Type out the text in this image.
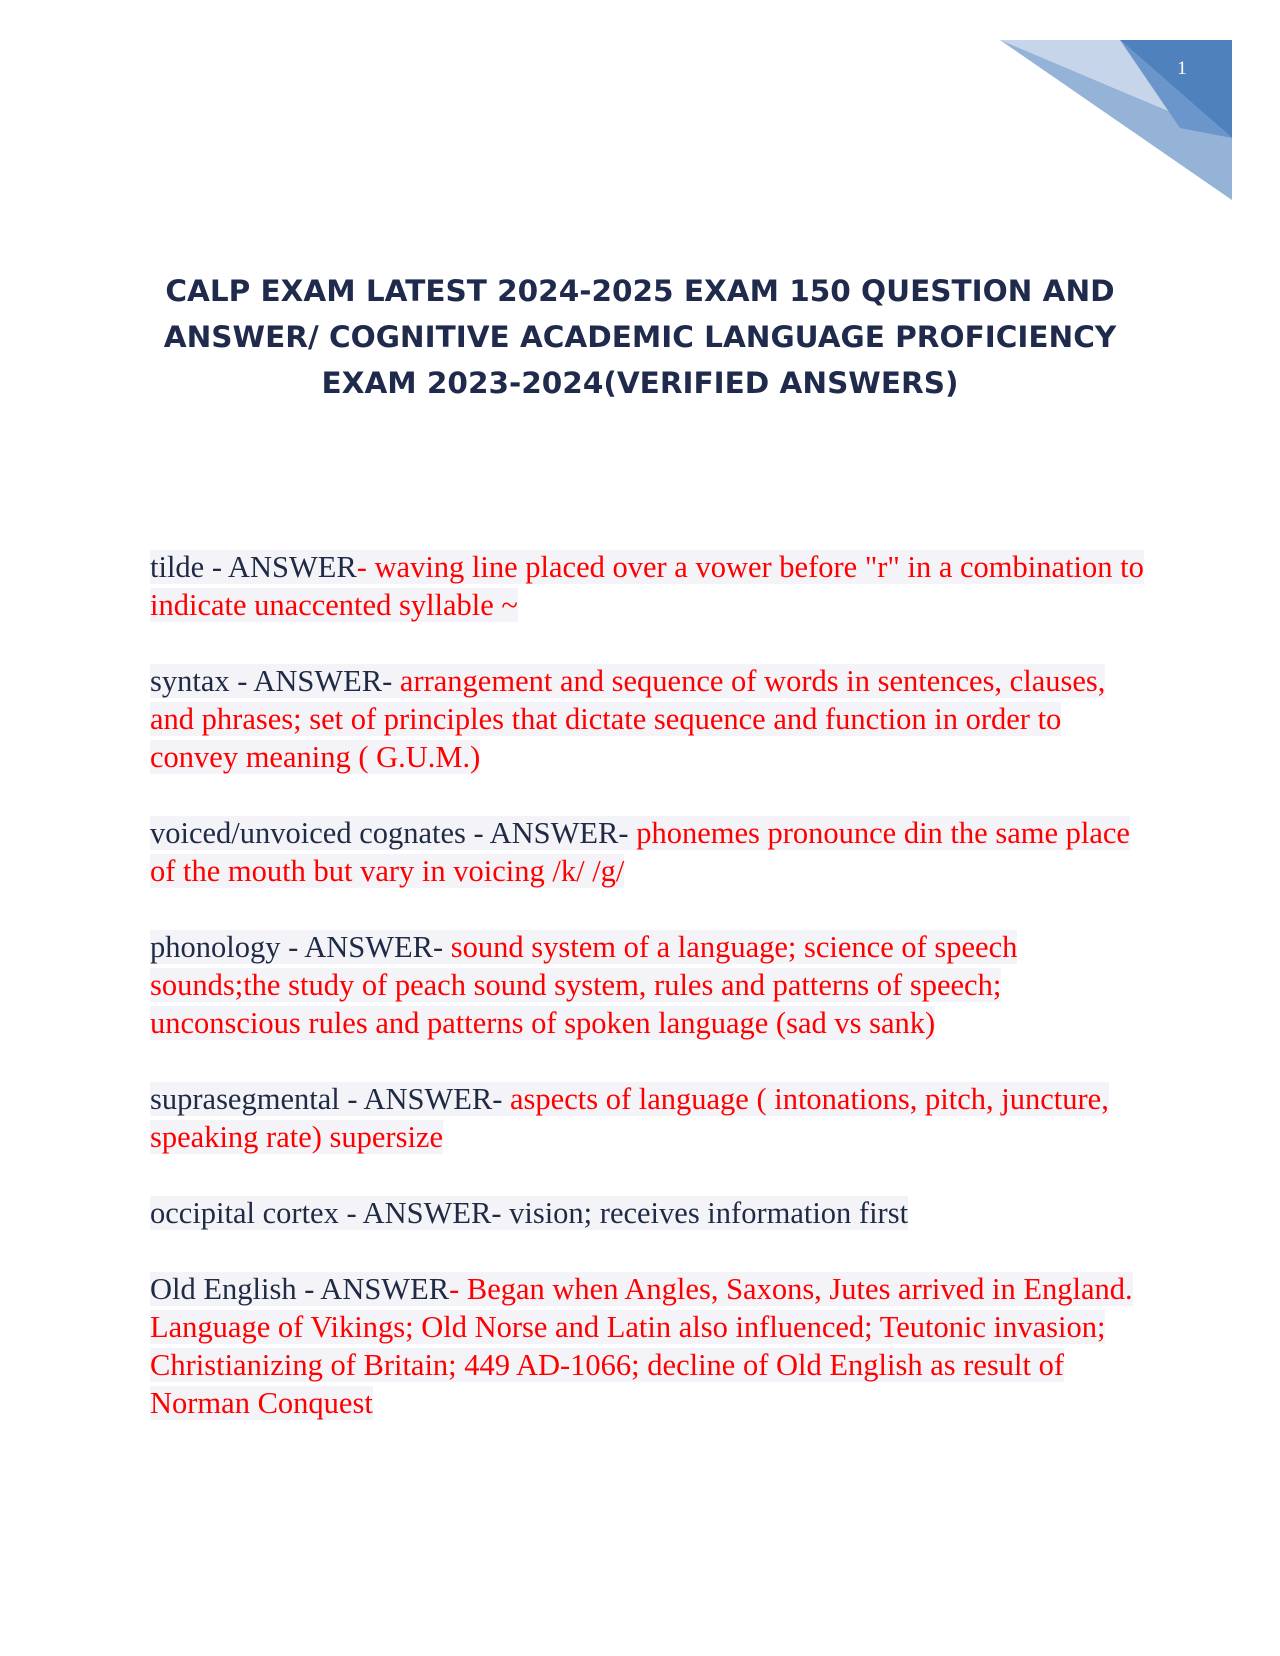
1
CALP EXAM LATEST 2024-2025 EXAM 150 QUESTION AND
ANSWER/ COGNITIVE ACADEMIC LANGUAGE PROFICIENCY
EXAM 2023-2024(VERIFIED ANSWERS)

tilde - ANSWER- waving line placed over a vower before "r" in a combination to indicate unaccented syllable ~

syntax - ANSWER- arrangement and sequence of words in sentences, clauses, and phrases; set of principles that dictate sequence and function in order to convey meaning ( G.U.M.)

voiced/unvoiced cognates - ANSWER- phonemes pronounce din the same place of the mouth but vary in voicing /k/ /g/

phonology - ANSWER- sound system of a language; science of speech sounds;the study of peach sound system, rules and patterns of speech; unconscious rules and patterns of spoken language (sad vs sank)

suprasegmental - ANSWER- aspects of language ( intonations, pitch, juncture, speaking rate) supersize

occipital cortex - ANSWER- vision; receives information first

Old English - ANSWER- Began when Angles, Saxons, Jutes arrived in England. Language of Vikings; Old Norse and Latin also influenced; Teutonic invasion; Christianizing of Britain; 449 AD-1066; decline of Old English as result of Norman Conquest
